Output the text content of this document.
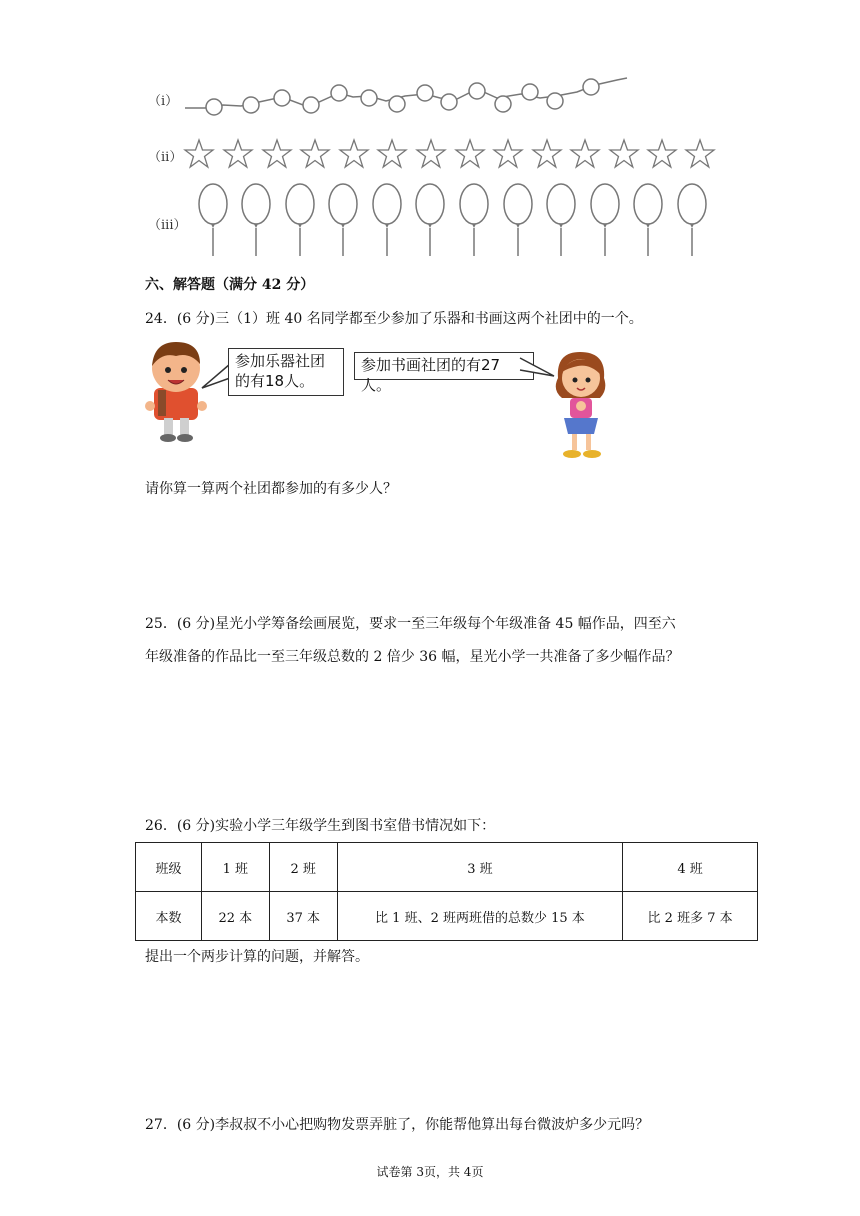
（i）
（ii）
（iii）
六、解答题（满分 42 分）
24．(6 分)三（1）班 40 名同学都至少参加了乐器和书画这两个社团中的一个。
参加乐器社团
的有18人。
参加书画社团的有27人。
请你算一算两个社团都参加的有多少人？
25．(6 分)星光小学筹备绘画展览，要求一至三年级每个年级准备 45 幅作品，四至六
年级准备的作品比一至三年级总数的 2 倍少 36 幅，星光小学一共准备了多少幅作品？
26．(6 分)实验小学三年级学生到图书室借书情况如下：
班级	1 班	2 班	3 班	4 班
本数	22 本	37 本	比 1 班、2 班两班借的总数少 15 本	比 2 班多 7 本
提出一个两步计算的问题，并解答。
27．(6 分)李叔叔不小心把购物发票弄脏了，你能帮他算出每台微波炉多少元吗？
试卷第 3页，共 4页
